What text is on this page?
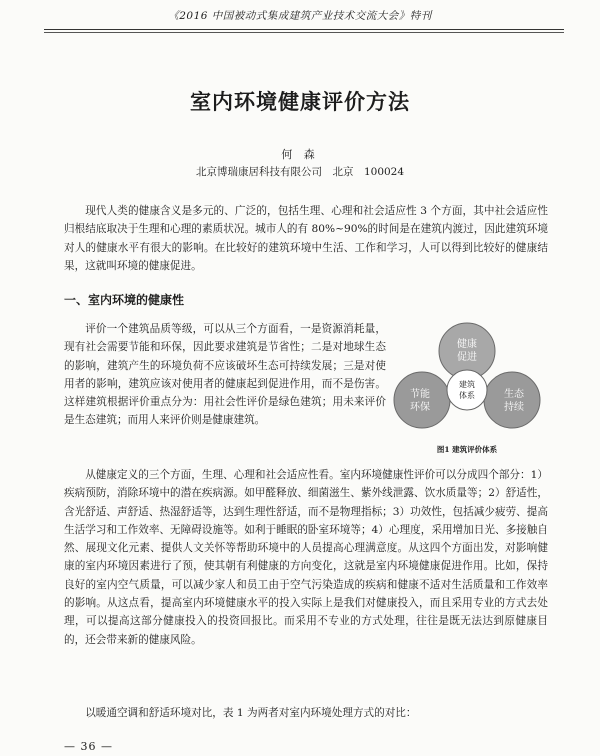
《2016 中国被动式集成建筑产业技术交流大会》特刊
室内环境健康评价方法
何 森
北京博瑞康居科技有限公司　北京　100024

现代人类的健康含义是多元的、广泛的，包括生理、心理和社会适应性 3 个方面，其中社会适应性归根结底取决于生理和心理的素质状况。城市人的有 80%~90%的时间是在建筑内渡过，因此建筑环境对人的健康水平有很大的影响。在比较好的建筑环境中生活、工作和学习，人可以得到比较好的健康结果，这就叫环境的健康促进。

一、室内环境的健康性

评价一个建筑品质等级，可以从三个方面看，一是资源消耗量，现有社会需要节能和环保，因此要求建筑是节省性；二是对地球生态的影响，建筑产生的环境负荷不应该破坏生态可持续发展；三是对使用者的影响，建筑应该对使用者的健康起到促进作用，而不是伤害。这样建筑根据评价重点分为：用社会性评价是绿色建筑；用未来评价是生态建筑；而用人来评价则是健康建筑。

健康
促进
节能
环保
生态
持续
建筑
体系
图1 建筑评价体系

从健康定义的三个方面，生理、心理和社会适应性看。室内环境健康性评价可以分成四个部分：1）疾病预防，消除环境中的潜在疾病源。如甲醛释放、细菌滋生、紫外线泄露、饮水质量等；2）舒适性，含光舒适、声舒适、热湿舒适等，达到生理性舒适，而不是物理指标；3）功效性，包括减少疲劳、提高生活学习和工作效率、无障碍设施等。如利于睡眠的卧室环境等；4）心理度，采用增加日光、多接触自然、展现文化元素、提供人文关怀等帮助环境中的人员提高心理满意度。从这四个方面出发，对影响健康的室内环境因素进行了预，使其朝有利健康的方向变化，这就是室内环境健康促进作用。比如，保持良好的室内空气质量，可以减少家人和员工由于空气污染造成的疾病和健康不适对生活质量和工作效率的影响。从这点看，提高室内环境健康水平的投入实际上是我们对健康投入，而且采用专业的方式去处理，可以提高这部分健康投入的投资回报比。而采用不专业的方式处理，往往是既无法达到原健康目的，还会带来新的健康风险。

以暖通空调和舒适环境对比，表 1 为两者对室内环境处理方式的对比：

— 36 —
